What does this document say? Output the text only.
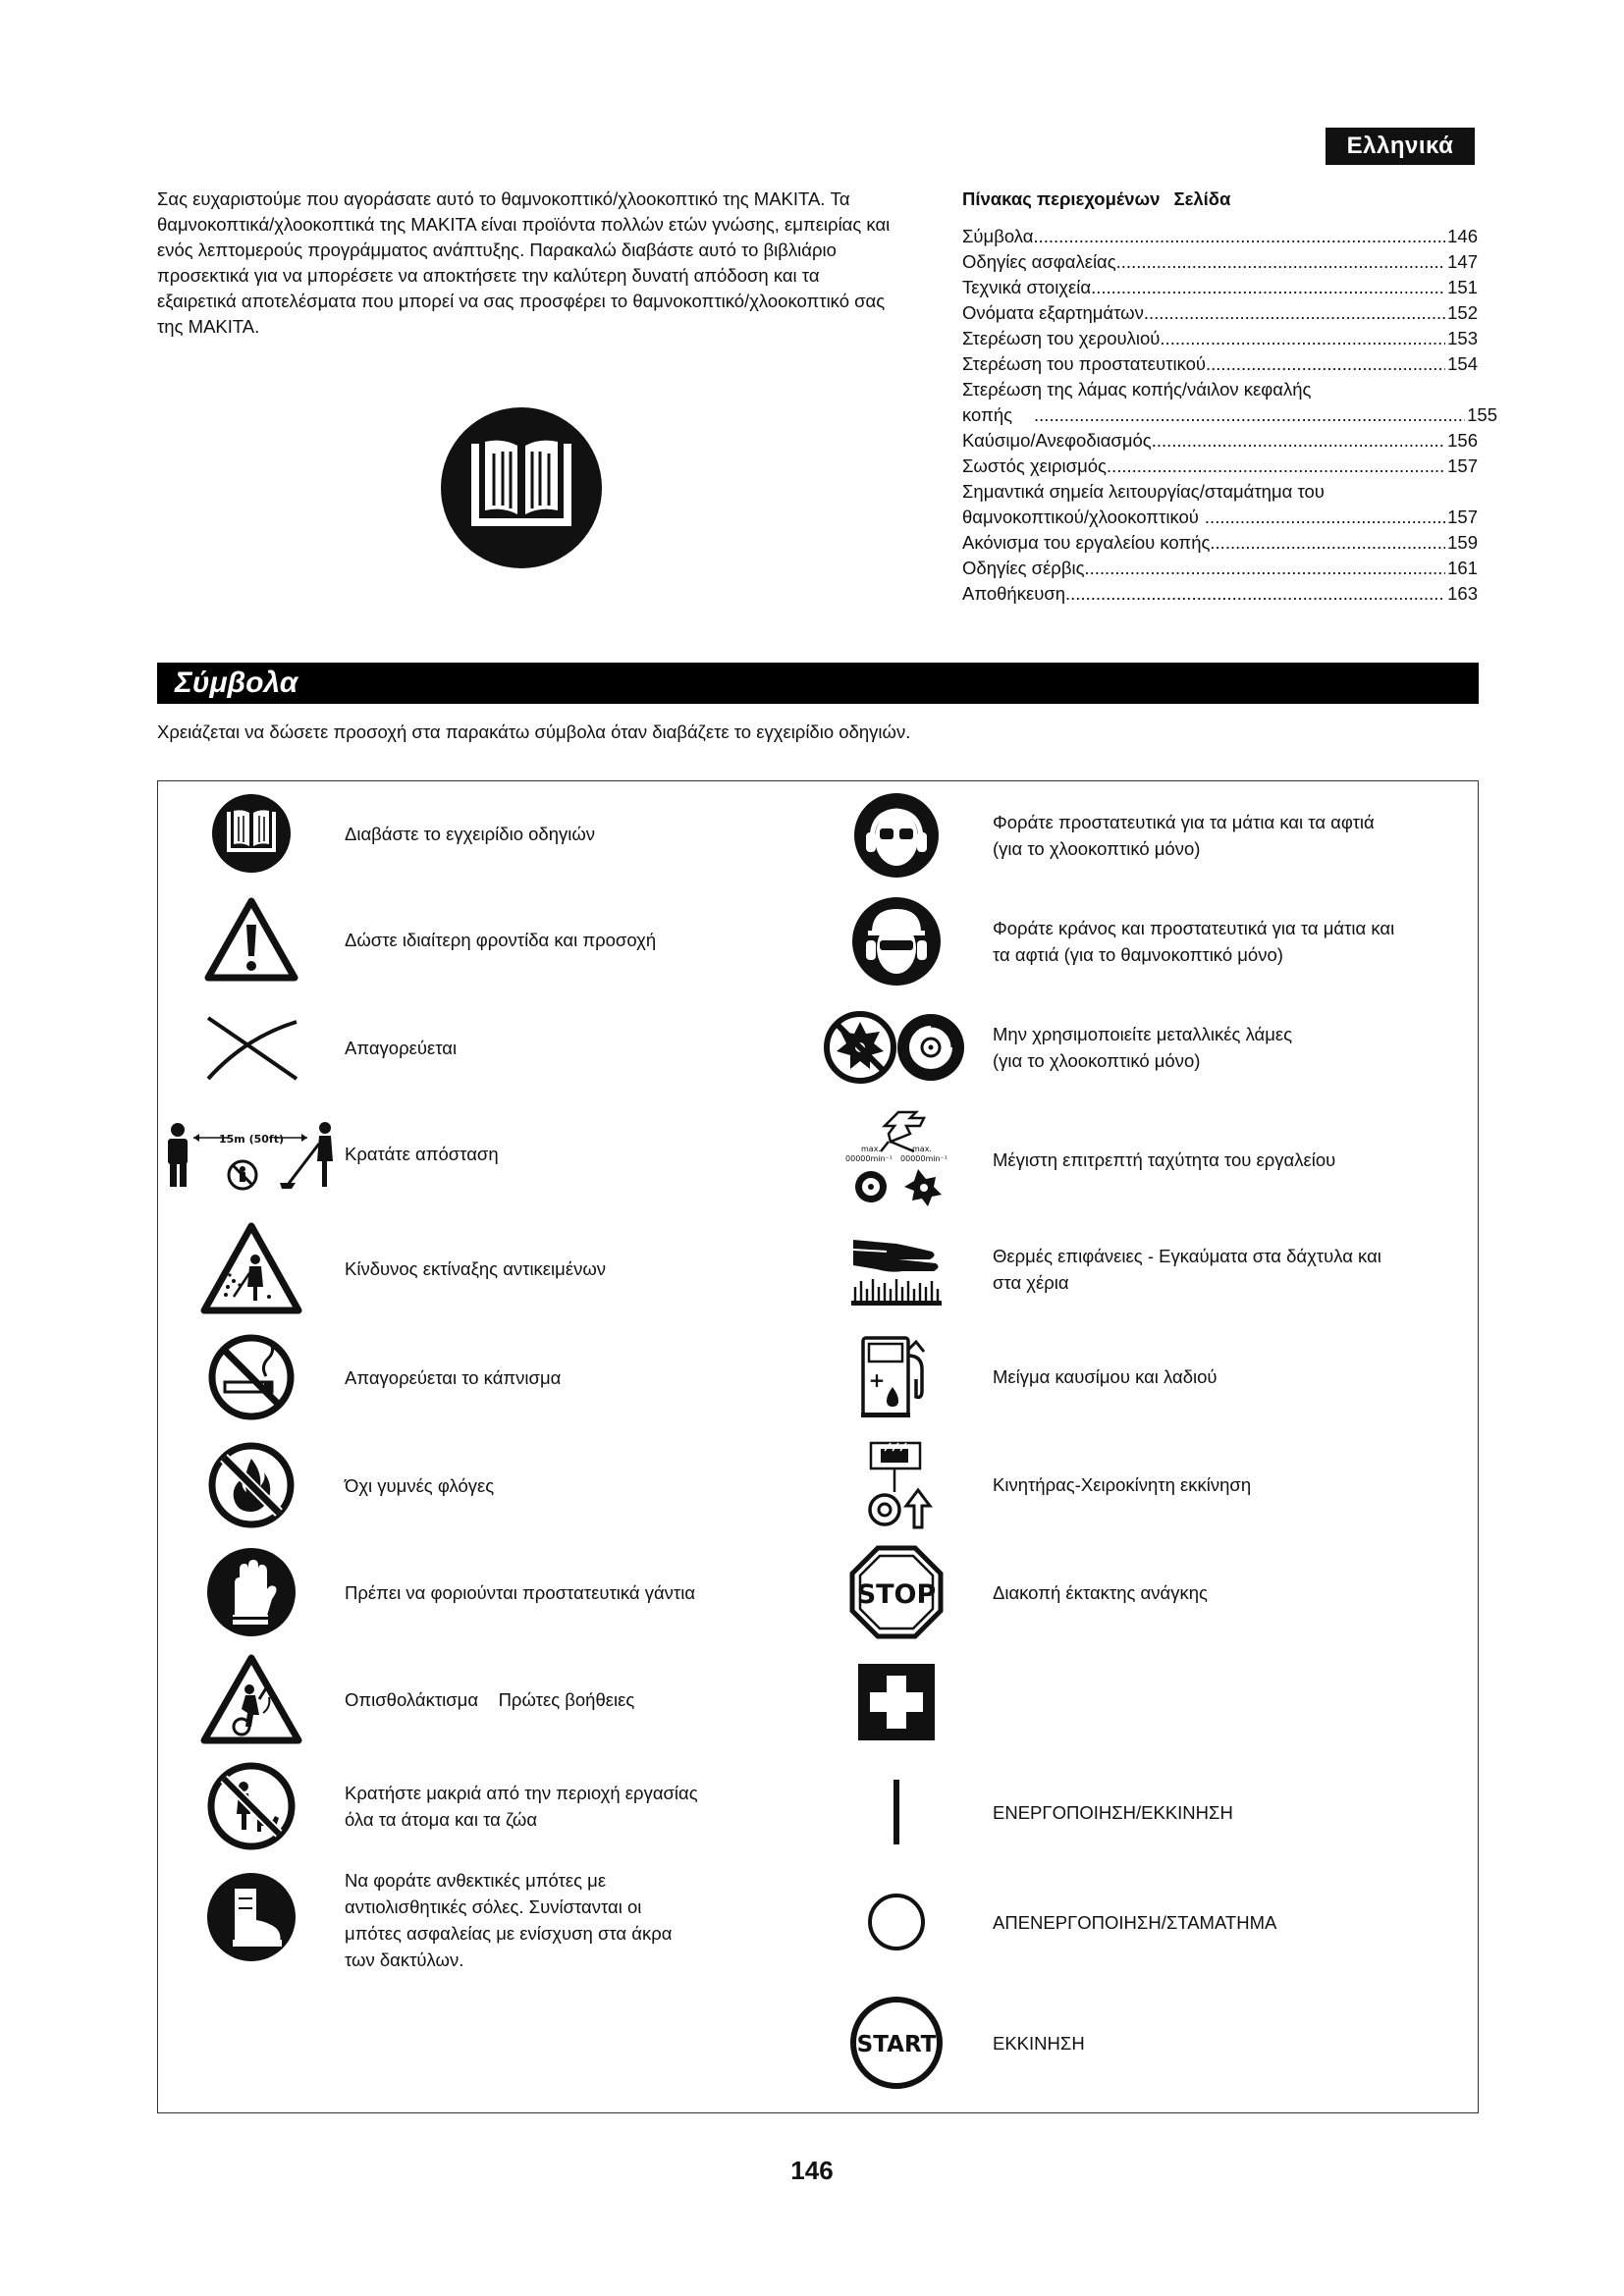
Ελληνικά
Σας ευχαριστούμε που αγοράσατε αυτό το θαμνοκοπτικό/χλοοκοπτικό της MAKITA. Τα θαμνοκοπτικά/χλοοκοπτικά της MAKITA είναι προϊόντα πολλών ετών γνώσης, εμπειρίας και ενός λεπτομερούς προγράμματος ανάπτυξης. Παρακαλώ διαβάστε αυτό το βιβλιάριο προσεκτικά για να μπορέσετε να αποκτήσετε την καλύτερη δυνατή απόδοση και τα εξαιρετικά αποτελέσματα που μπορεί να σας προσφέρει το θαμνοκοπτικό/χλοοκοπτικό σας της MAKITA.
Πίνακας περιεχομένων Σελίδα
Σύμβολα .....	146
Οδηγίες ασφαλείας .....	147
Τεχνικά στοιχεία .....	151
Ονόματα εξαρτημάτων .....	152
Στερέωση του χερουλιού .....	153
Στερέωση του προστατευτικού .....	154
Στερέωση της λάμας κοπής/νάιλον κεφαλής
κοπής .....	155
Καύσιμο/Ανεφοδιασμός .....	156
Σωστός χειρισμός .....	157
Σημαντικά σημεία λειτουργίας/σταμάτημα του
θαμνοκοπτικού/χλοοκοπτικού .....	157
Ακόνισμα του εργαλείου κοπής .....	159
Οδηγίες σέρβις .....	161
Αποθήκευση .....	163
Σύμβολα
Χρειάζεται να δώσετε προσοχή στα παρακάτω σύμβολα όταν διαβάζετε το εγχειρίδιο οδηγιών.
Διαβάστε το εγχειρίδιο οδηγιών
Δώστε ιδιαίτερη φροντίδα και προσοχή
Απαγορεύεται
15m (50ft)
Κρατάτε απόσταση
Κίνδυνος εκτίναξης αντικειμένων
Απαγορεύεται το κάπνισμα
Όχι γυμνές φλόγες
Πρέπει να φοριούνται προστατευτικά γάντια
Οπισθολάκτισμα    Πρώτες βοήθειες
Κρατήστε μακριά από την περιοχή εργασίας
όλα τα άτομα και τα ζώα
Να φοράτε ανθεκτικές μπότες με
αντιολισθητικές σόλες. Συνίστανται οι
μπότες ασφαλείας με ενίσχυση στα άκρα
των δακτύλων.
Φοράτε προστατευτικά για τα μάτια και τα αφτιά
(για το χλοοκοπτικό μόνο)
Φοράτε κράνος και προστατευτικά για τα μάτια και
τα αφτιά (για το θαμνοκοπτικό μόνο)
Μην χρησιμοποιείτε μεταλλικές λάμες
(για το χλοοκοπτικό μόνο)
max.	max.
00000min⁻¹ 00000min⁻¹	Μέγιστη επιτρεπτή ταχύτητα του εργαλείου
Θερμές επιφάνειες - Εγκαύματα στα δάχτυλα και
στα χέρια
+	Μείγμα καυσίμου και λαδιού
Κινητήρας-Χειροκίνητη εκκίνηση
STOP	Διακοπή έκτακτης ανάγκης
ΕΝΕΡΓΟΠΟΙΗΣΗ/ΕΚΚΙΝΗΣΗ
ΑΠΕΝΕΡΓΟΠΟΙΗΣΗ/ΣΤΑΜΑΤΗΜΑ
START	ΕΚΚΙΝΗΣΗ
146
